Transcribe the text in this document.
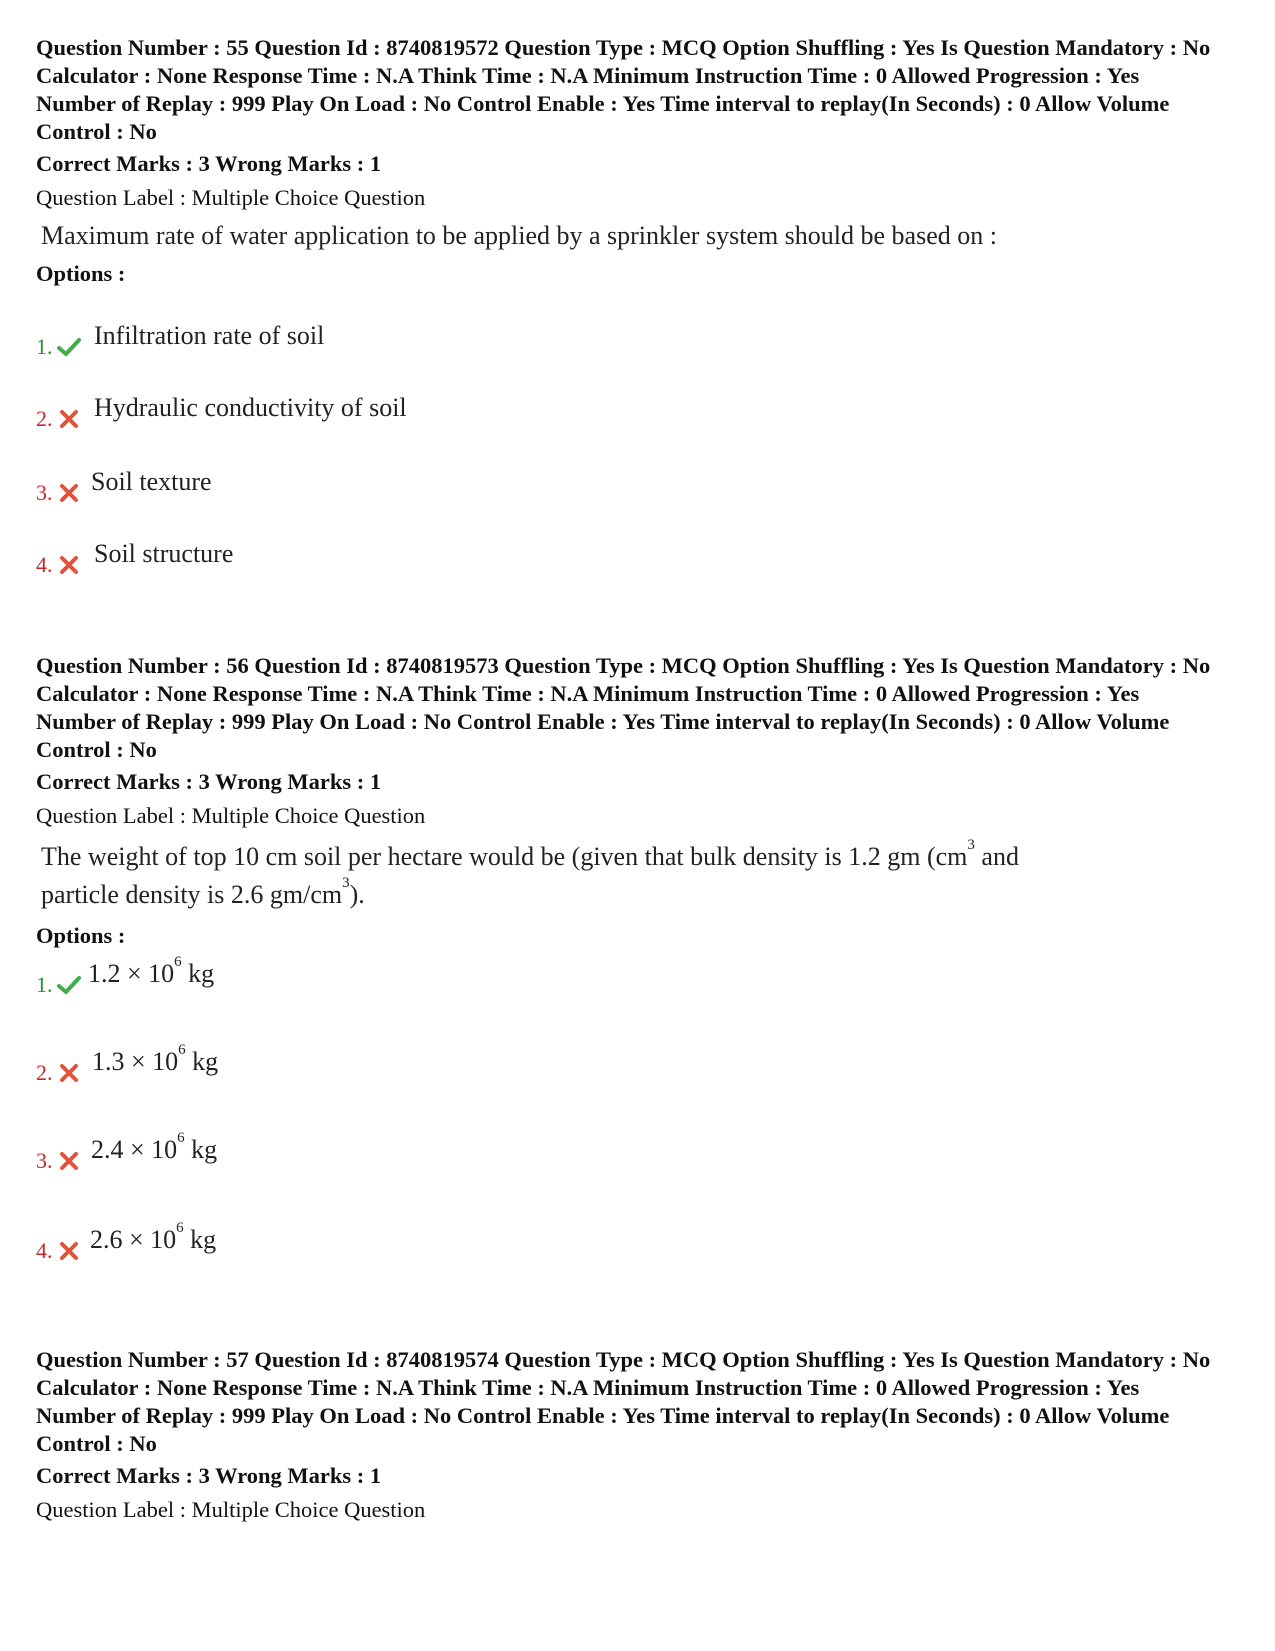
Question Number : 55 Question Id : 8740819572 Question Type : MCQ Option Shuffling : Yes Is Question Mandatory : No Calculator : None Response Time : N.A Think Time : N.A Minimum Instruction Time : 0 Allowed Progression : Yes Number of Replay : 999 Play On Load : No Control Enable : Yes Time interval to replay(In Seconds) : 0 Allow Volume Control : No

Correct Marks : 3 Wrong Marks : 1

Question Label : Multiple Choice Question

Maximum rate of water application to be applied by a sprinkler system should be based on :

Options :

1. Infiltration rate of soil
2. Hydraulic conductivity of soil
3. Soil texture
4. Soil structure

Question Number : 56 Question Id : 8740819573 Question Type : MCQ Option Shuffling : Yes Is Question Mandatory : No Calculator : None Response Time : N.A Think Time : N.A Minimum Instruction Time : 0 Allowed Progression : Yes Number of Replay : 999 Play On Load : No Control Enable : Yes Time interval to replay(In Seconds) : 0 Allow Volume Control : No

Correct Marks : 3 Wrong Marks : 1

Question Label : Multiple Choice Question

The weight of top 10 cm soil per hectare would be (given that bulk density is 1.2 gm ($cm^3$ and particle density is 2.6 $gm/cm^3$).

Options :

1. $1.2 \times 10^6$ kg
2. $1.3 \times 10^6$ kg
3. $2.4 \times 10^6$ kg
4. $2.6 \times 10^6$ kg

Question Number : 57 Question Id : 8740819574 Question Type : MCQ Option Shuffling : Yes Is Question Mandatory : No Calculator : None Response Time : N.A Think Time : N.A Minimum Instruction Time : 0 Allowed Progression : Yes Number of Replay : 999 Play On Load : No Control Enable : Yes Time interval to replay(In Seconds) : 0 Allow Volume Control : No

Correct Marks : 3 Wrong Marks : 1

Question Label : Multiple Choice Question
